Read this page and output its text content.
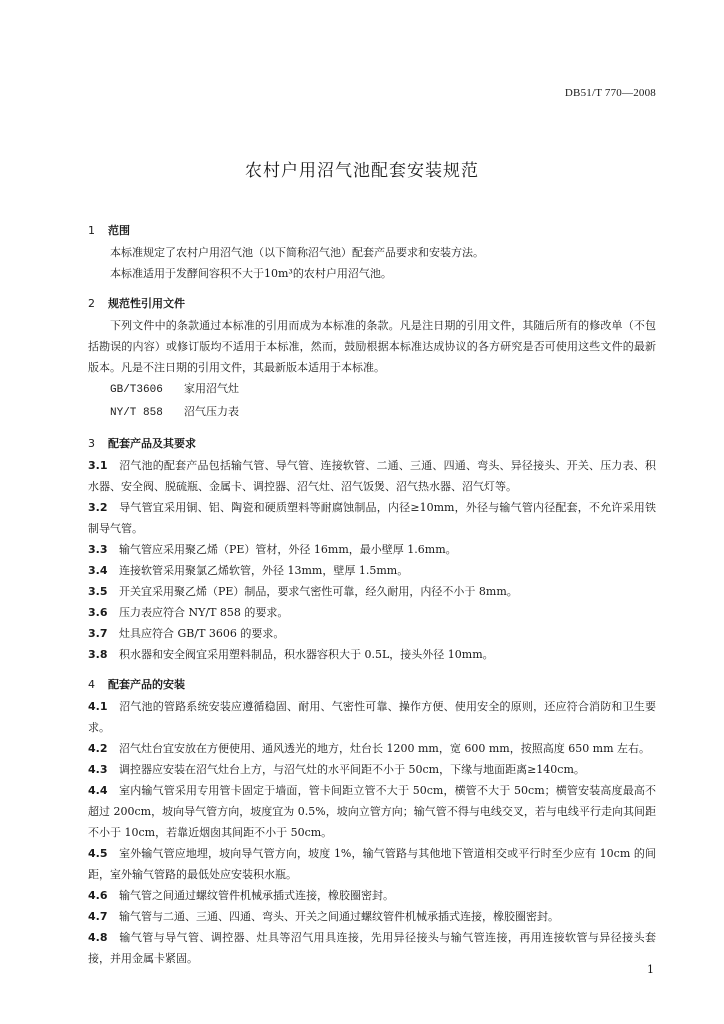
DB51/T 770—2008
农村户用沼气池配套安装规范
1 范围

本标准规定了农村户用沼气池（以下简称沼气池）配套产品要求和安装方法。

本标准适用于发酵间容积不大于10m³的农村户用沼气池。

2 规范性引用文件

下列文件中的条款通过本标准的引用而成为本标准的条款。凡是注日期的引用文件，其随后所有的修改单（不包括勘误的内容）或修订版均不适用于本标准，然而，鼓励根据本标准达成协议的各方研究是否可使用这些文件的最新版本。凡是不注日期的引用文件，其最新版本适用于本标准。

GB/T3606 家用沼气灶

NY/T 858 沼气压力表

3 配套产品及其要求

3.1 沼气池的配套产品包括输气管、导气管、连接软管、二通、三通、四通、弯头、异径接头、开关、压力表、积水器、安全阀、脱硫瓶、金属卡、调控器、沼气灶、沼气饭煲、沼气热水器、沼气灯等。

3.2 导气管宜采用铜、铝、陶瓷和硬质塑料等耐腐蚀制品，内径≥10mm，外径与输气管内径配套，不允许采用铁制导气管。

3.3 输气管应采用聚乙烯（PE）管材，外径 16mm，最小壁厚 1.6mm。

3.4 连接软管采用聚氯乙烯软管，外径 13mm，壁厚 1.5mm。

3.5 开关宜采用聚乙烯（PE）制品，要求气密性可靠，经久耐用，内径不小于 8mm。

3.6 压力表应符合 NY/T 858 的要求。

3.7 灶具应符合 GB/T 3606 的要求。

3.8 积水器和安全阀宜采用塑料制品，积水器容积大于 0.5L，接头外径 10mm。

4 配套产品的安装

4.1 沼气池的管路系统安装应遵循稳固、耐用、气密性可靠、操作方便、使用安全的原则，还应符合消防和卫生要求。

4.2 沼气灶台宜安放在方便使用、通风透光的地方，灶台长 1200 mm，宽 600 mm，按照高度 650 mm 左右。

4.3 调控器应安装在沼气灶台上方，与沼气灶的水平间距不小于 50cm，下缘与地面距离≥140cm。

4.4 室内输气管采用专用管卡固定于墙面，管卡间距立管不大于 50cm，横管不大于 50cm；横管安装高度最高不超过 200cm，坡向导气管方向，坡度宜为 0.5%，坡向立管方向；输气管不得与电线交叉，若与电线平行走向其间距不小于 10cm，若靠近烟囱其间距不小于 50cm。

4.5 室外输气管应地埋，坡向导气管方向，坡度 1%，输气管路与其他地下管道相交或平行时至少应有 10cm 的间距，室外输气管路的最低处应安装积水瓶。

4.6 输气管之间通过螺纹管件机械承插式连接，橡胶圈密封。

4.7 输气管与二通、三通、四通、弯头、开关之间通过螺纹管件机械承插式连接，橡胶圈密封。

4.8 输气管与导气管、调控器、灶具等沼气用具连接，先用异径接头与输气管连接，再用连接软管与异径接头套接，并用金属卡紧固。

1
